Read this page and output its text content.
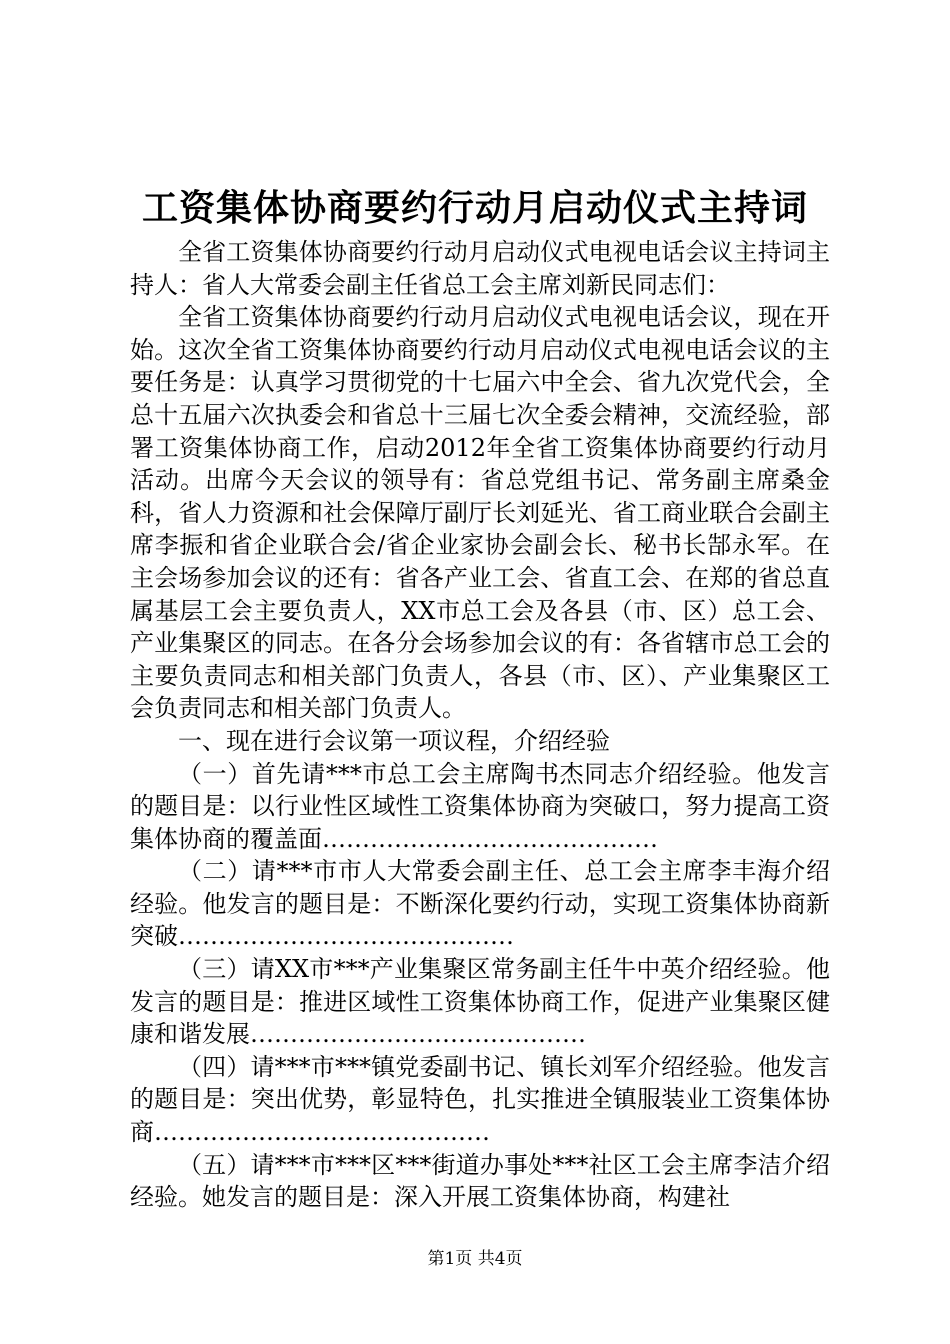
工资集体协商要约行动月启动仪式主持词

全省工资集体协商要约行动月启动仪式电视电话会议主持词主持人：省人大常委会副主任省总工会主席刘新民同志们：

全省工资集体协商要约行动月启动仪式电视电话会议，现在开始。这次全省工资集体协商要约行动月启动仪式电视电话会议的主要任务是：认真学习贯彻党的十七届六中全会、省九次党代会，全总十五届六次执委会和省总十三届七次全委会精神，交流经验，部署工资集体协商工作，启动2012年全省工资集体协商要约行动月活动。出席今天会议的领导有：省总党组书记、常务副主席桑金科，省人力资源和社会保障厅副厅长刘延光、省工商业联合会副主席李振和省企业联合会/省企业家协会副会长、秘书长郜永军。在主会场参加会议的还有：省各产业工会、省直工会、在郑的省总直属基层工会主要负责人，XX市总工会及各县（市、区）总工会、产业集聚区的同志。在各分会场参加会议的有：各省辖市总工会的主要负责同志和相关部门负责人，各县（市、区）、产业集聚区工会负责同志和相关部门负责人。

一、现在进行会议第一项议程，介绍经验

（一）首先请***市总工会主席陶书杰同志介绍经验。他发言的题目是：以行业性区域性工资集体协商为突破口，努力提高工资集体协商的覆盖面……………………………………

（二）请***市市人大常委会副主任、总工会主席李丰海介绍经验。他发言的题目是：不断深化要约行动，实现工资集体协商新突破……………………………………

（三）请XX市***产业集聚区常务副主任牛中英介绍经验。他发言的题目是：推进区域性工资集体协商工作，促进产业集聚区健康和谐发展……………………………………

（四）请***市***镇党委副书记、镇长刘军介绍经验。他发言的题目是：突出优势，彰显特色，扎实推进全镇服装业工资集体协商……………………………………

（五）请***市***区***街道办事处***社区工会主席李洁介绍经验。她发言的题目是：深入开展工资集体协商，构建社

第1页 共4页
